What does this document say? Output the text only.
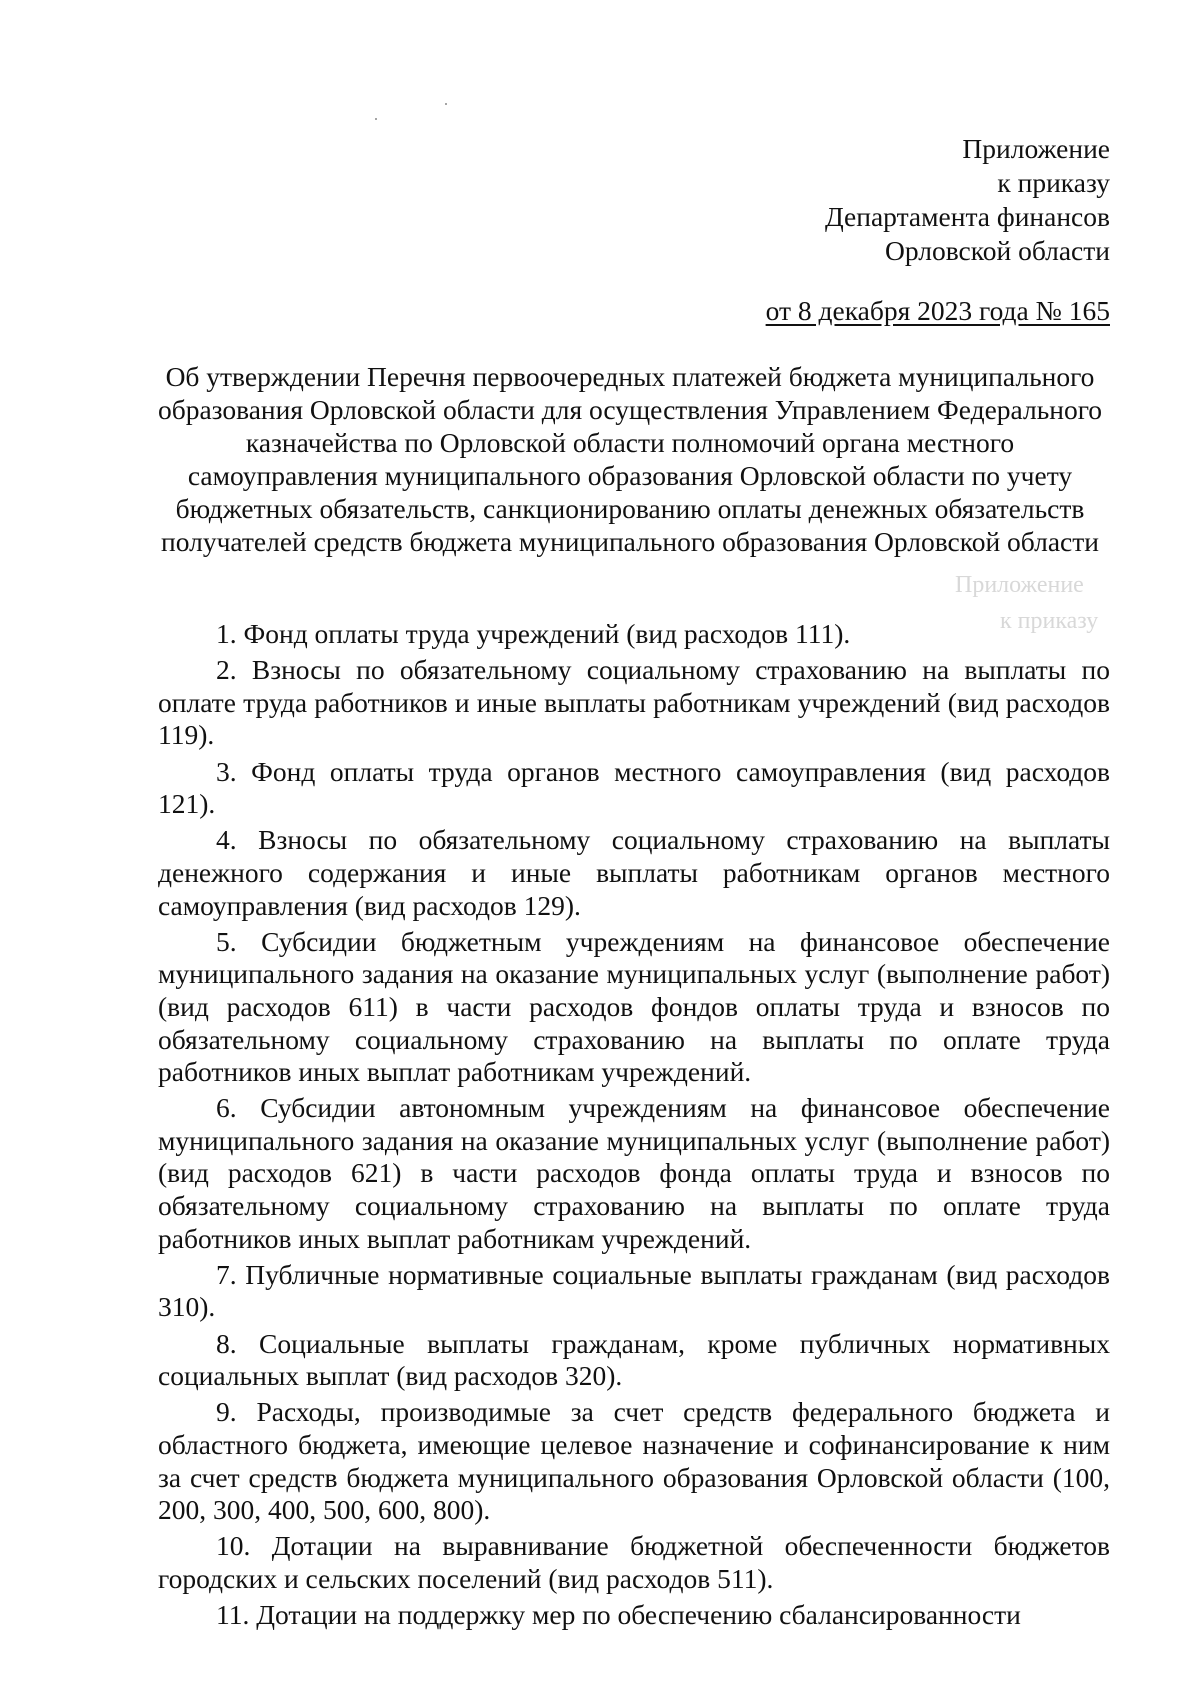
Приложение
к приказу
Приложение
к приказу
Департамента финансов
Орловской области
от 8 декабря 2023 года № 165
Об утверждении Перечня первоочередных платежей бюджета муниципального образования Орловской области для осуществления Управлением Федерального казначейства по Орловской области полномочий органа местного самоуправления муниципального образования Орловской области по учету бюджетных обязательств, санкционированию оплаты денежных обязательств получателей средств бюджета муниципального образования Орловской области

1. Фонд оплаты труда учреждений (вид расходов 111).

2. Взносы по обязательному социальному страхованию на выплаты по оплате труда работников и иные выплаты работникам учреждений (вид расходов 119).

3. Фонд оплаты труда органов местного самоуправления (вид расходов 121).

4. Взносы по обязательному социальному страхованию на выплаты денежного содержания и иные выплаты работникам органов местного самоуправления (вид расходов 129).

5. Субсидии бюджетным учреждениям на финансовое обеспечение муниципального задания на оказание муниципальных услуг (выполнение работ) (вид расходов 611) в части расходов фондов оплаты труда и взносов по обязательному социальному страхованию на выплаты по оплате труда работников иных выплат работникам учреждений.

6. Субсидии автономным учреждениям на финансовое обеспечение муниципального задания на оказание муниципальных услуг (выполнение работ) (вид расходов 621) в части расходов фонда оплаты труда и взносов по обязательному социальному страхованию на выплаты по оплате труда работников иных выплат работникам учреждений.

7. Публичные нормативные социальные выплаты гражданам (вид расходов 310).

8. Социальные выплаты гражданам, кроме публичных нормативных социальных выплат (вид расходов 320).

9. Расходы, производимые за счет средств федерального бюджета и областного бюджета, имеющие целевое назначение и софинансирование к ним за счет средств бюджета муниципального образования Орловской области (100, 200, 300, 400, 500, 600, 800).

10. Дотации на выравнивание бюджетной обеспеченности бюджетов городских и сельских поселений (вид расходов 511).

11. Дотации на поддержку мер по обеспечению сбалансированности
